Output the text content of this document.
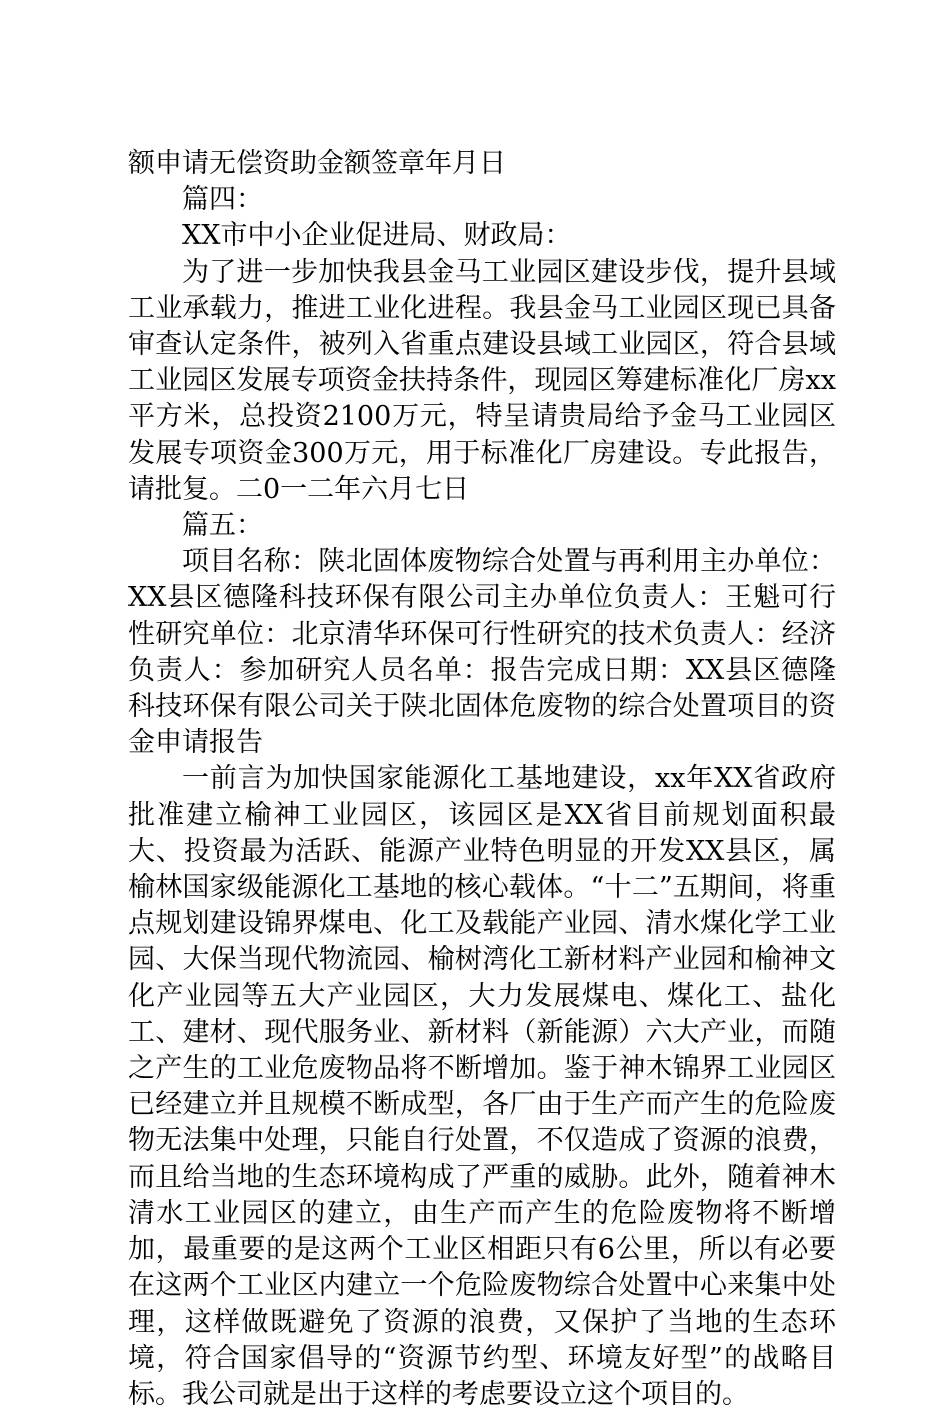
额申请无偿资助金额签章年月日

篇四：

XX市中小企业促进局、财政局：

为了进一步加快我县金马工业园区建设步伐，提升县域工业承载力，推进工业化进程。我县金马工业园区现已具备审查认定条件，被列入省重点建设县域工业园区，符合县域工业园区发展专项资金扶持条件，现园区筹建标准化厂房xx平方米，总投资2100万元，特呈请贵局给予金马工业园区发展专项资金300万元，用于标准化厂房建设。专此报告，请批复。二0一二年六月七日

篇五：

项目名称：陕北固体废物综合处置与再利用主办单位：XX县区德隆科技环保有限公司主办单位负责人：王魁可行性研究单位：北京清华环保可行性研究的技术负责人：经济负责人：参加研究人员名单：报告完成日期：XX县区德隆科技环保有限公司关于陕北固体危废物的综合处置项目的资金申请报告

一前言为加快国家能源化工基地建设，xx年XX省政府批准建立榆神工业园区，该园区是XX省目前规划面积最大、投资最为活跃、能源产业特色明显的开发XX县区，属榆林国家级能源化工基地的核心载体。“十二”五期间，将重点规划建设锦界煤电、化工及载能产业园、清水煤化学工业园、大保当现代物流园、榆树湾化工新材料产业园和榆神文化产业园等五大产业园区，大力发展煤电、煤化工、盐化工、建材、现代服务业、新材料（新能源）六大产业，而随之产生的工业危废物品将不断增加。鉴于神木锦界工业园区已经建立并且规模不断成型，各厂由于生产而产生的危险废物无法集中处理，只能自行处置，不仅造成了资源的浪费，而且给当地的生态环境构成了严重的威胁。此外，随着神木清水工业园区的建立，由生产而产生的危险废物将不断增加，最重要的是这两个工业区相距只有6公里，所以有必要在这两个工业区内建立一个危险废物综合处置中心来集中处理，这样做既避免了资源的浪费，又保护了当地的生态环境，符合国家倡导的“资源节约型、环境友好型”的战略目标。我公司就是出于这样的考虑要设立这个项目的。
